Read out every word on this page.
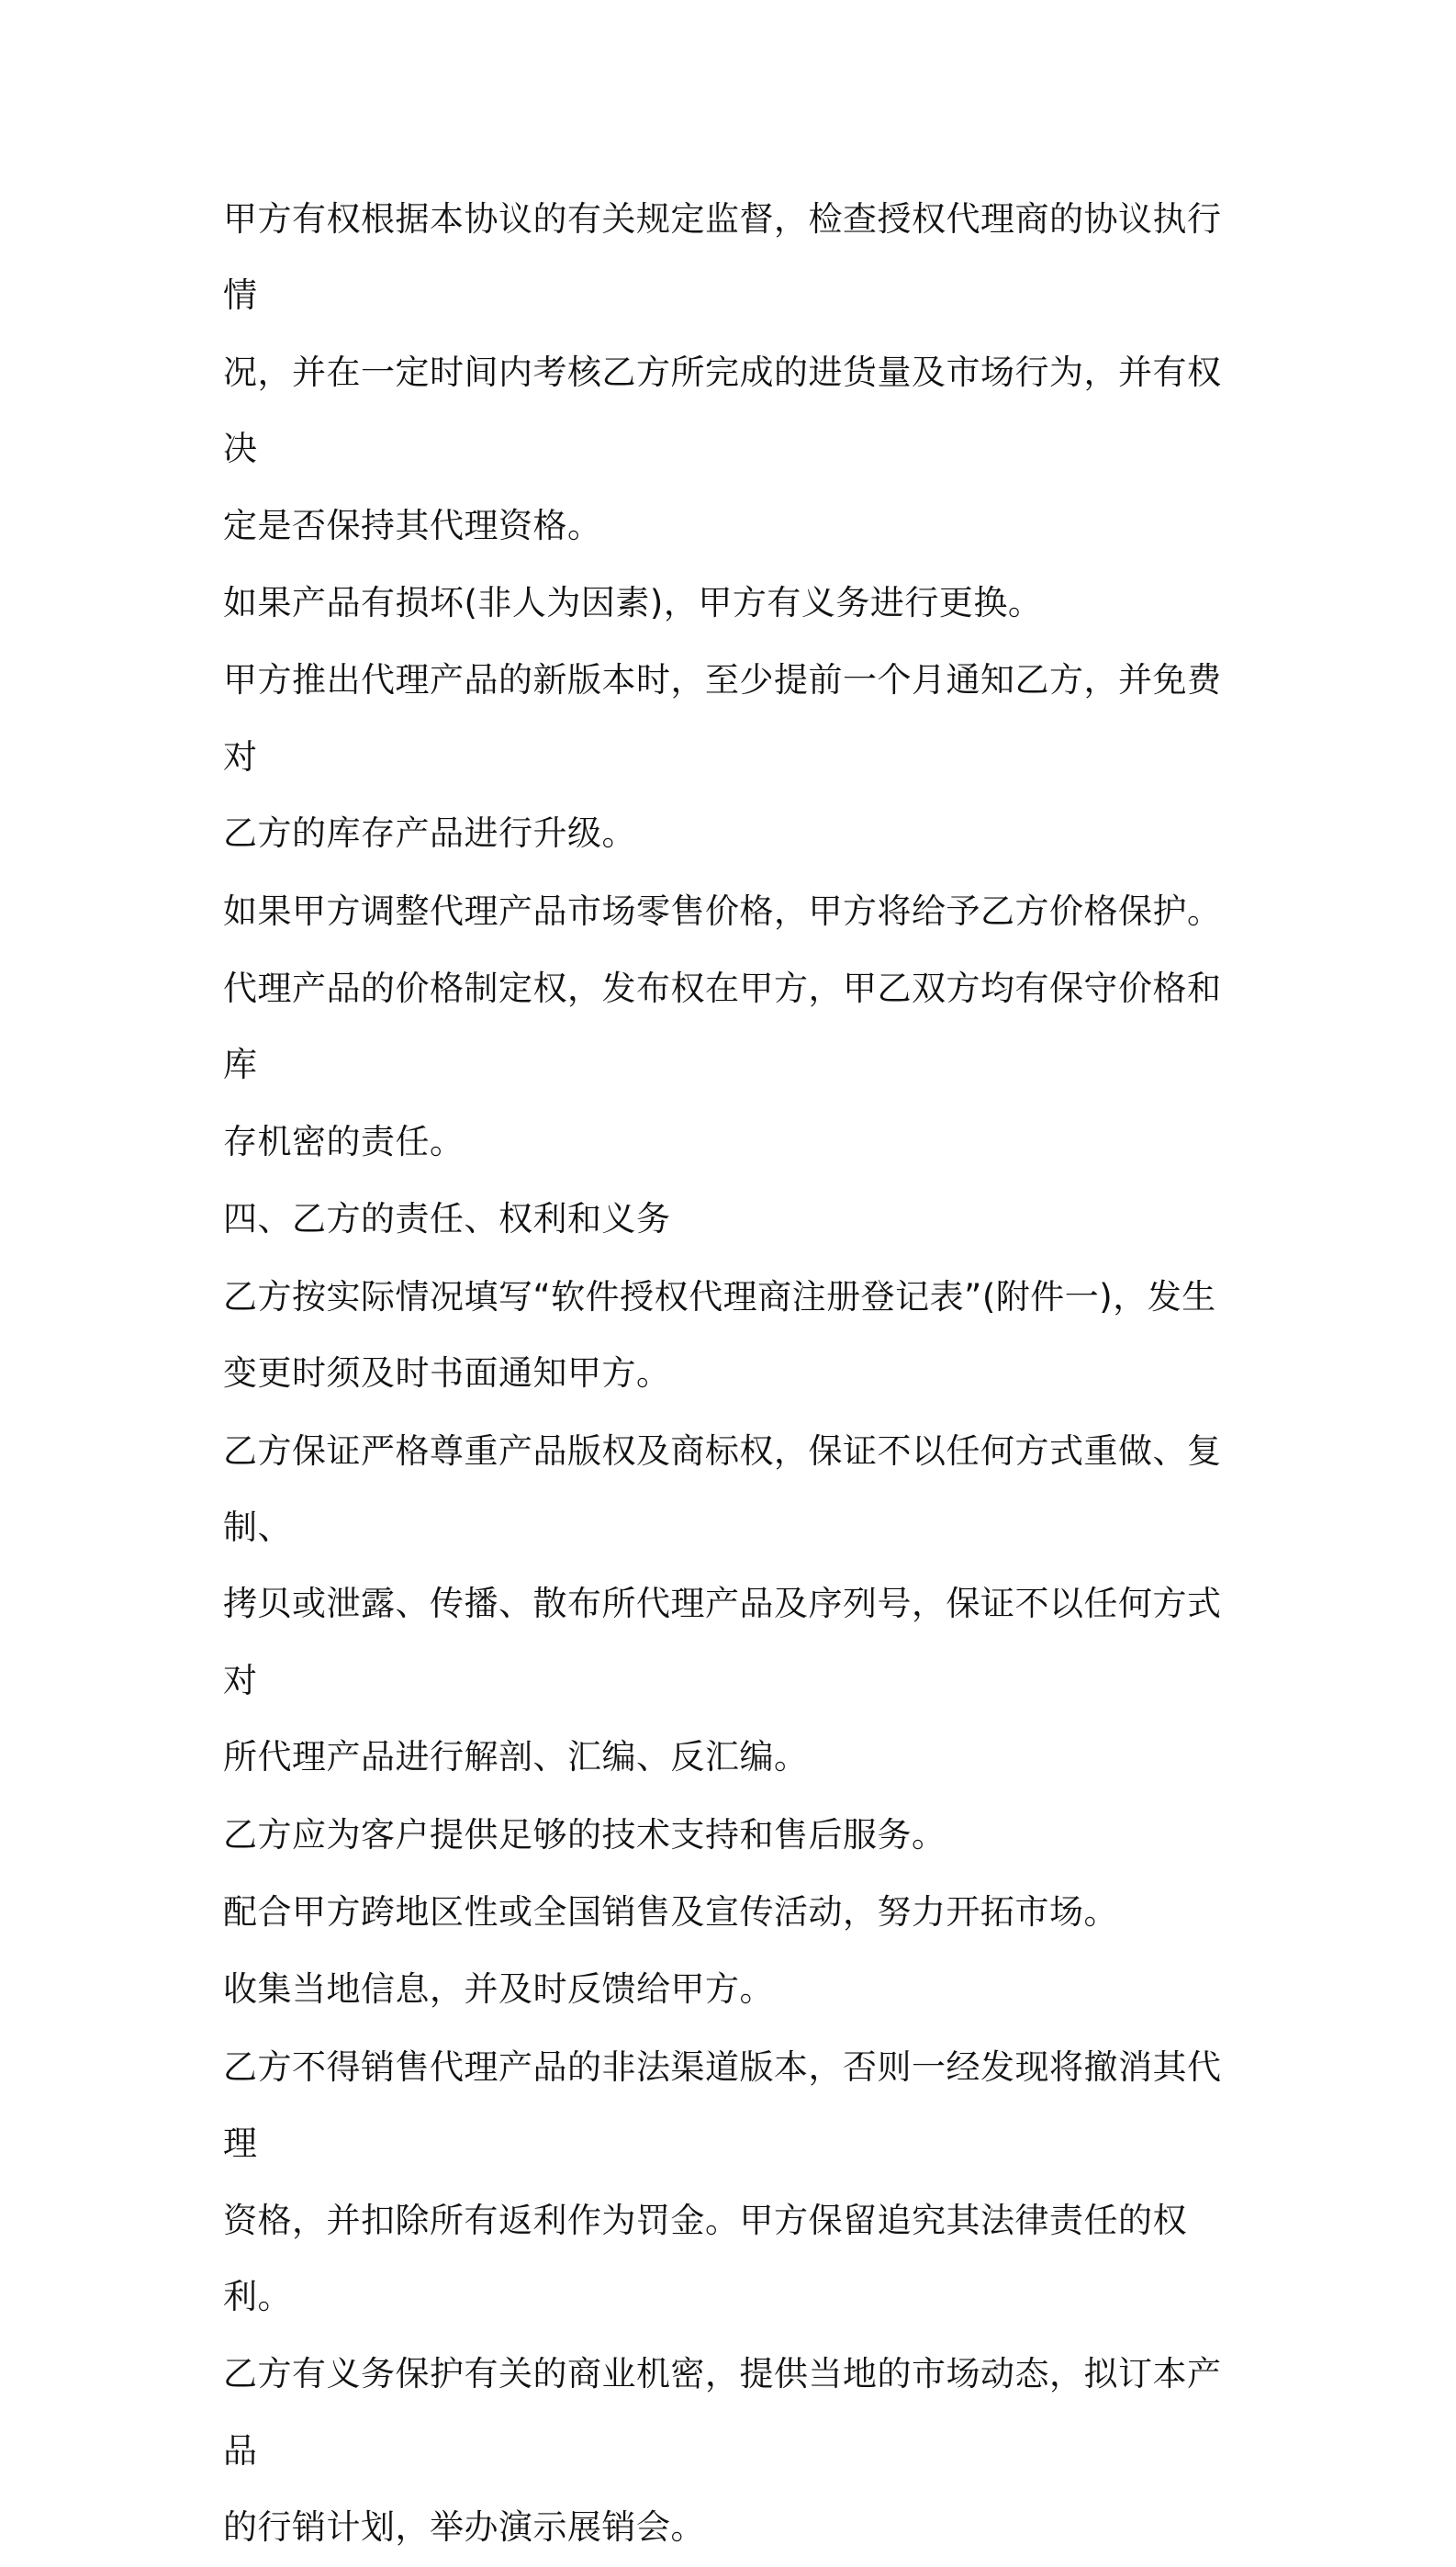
甲方有权根据本协议的有关规定监督，检查授权代理商的协议执行情
况，并在一定时间内考核乙方所完成的进货量及市场行为，并有权决
定是否保持其代理资格。

如果产品有损坏(非人为因素)，甲方有义务进行更换。

甲方推出代理产品的新版本时，至少提前一个月通知乙方，并免费对
乙方的库存产品进行升级。

如果甲方调整代理产品市场零售价格，甲方将给予乙方价格保护。

代理产品的价格制定权，发布权在甲方，甲乙双方均有保守价格和库
存机密的责任。

四、乙方的责任、权利和义务

乙方按实际情况填写“软件授权代理商注册登记表”(附件一)，发生
变更时须及时书面通知甲方。

乙方保证严格尊重产品版权及商标权，保证不以任何方式重做、复制、
拷贝或泄露、传播、散布所代理产品及序列号，保证不以任何方式对
所代理产品进行解剖、汇编、反汇编。

乙方应为客户提供足够的技术支持和售后服务。

配合甲方跨地区性或全国销售及宣传活动，努力开拓市场。

收集当地信息，并及时反馈给甲方。

乙方不得销售代理产品的非法渠道版本，否则一经发现将撤消其代理
资格，并扣除所有返利作为罚金。甲方保留追究其法律责任的权利。

乙方有义务保护有关的商业机密，提供当地的市场动态，拟订本产品
的行销计划，举办演示展销会。
